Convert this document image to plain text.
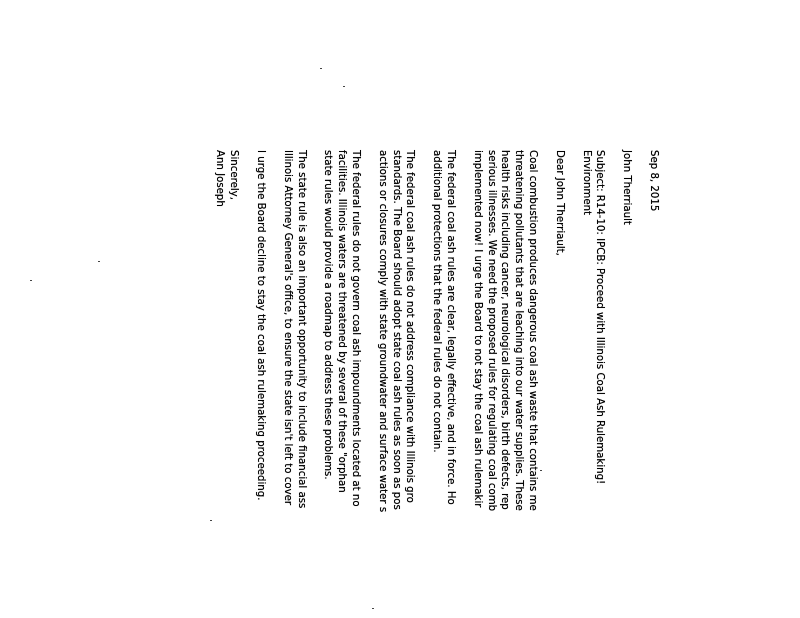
Sep 8, 2015

John Therriault

Subject: R14-10: IPCB: Proceed with Illinois Coal Ash Rulemaking!
Environment

Dear John Therriault,

Coal combustion produces dangerous coal ash waste that contains me
threatening pollutants that are leaching into our water supplies. These
health risks including cancer, neurological disorders, birth defects, rep
serious illnesses. We need the proposed rules for regulating coal comb
implemented now! I urge the Board to not stay the coal ash rulemakir

The federal coal ash rules are clear, legally effective, and in force. Ho
additional protections that the federal rules do not contain.

The federal coal ash rules do not address compliance with Illinois gro
standards. The Board should adopt state coal ash rules as soon as pos
actions or closures comply with state groundwater and surface water s

The federal rules do not govern coal ash impoundments located at no
facilities. Illinois waters are threatened by several of these "orphan
state rules would provide a roadmap to address these problems.

The state rule is also an important opportunity to include financial ass
Illinois Attorney General's office, to ensure the state isn't left to cover

I urge the Board decline to stay the coal ash rulemaking proceeding.

Sincerely,

Ann Joseph
